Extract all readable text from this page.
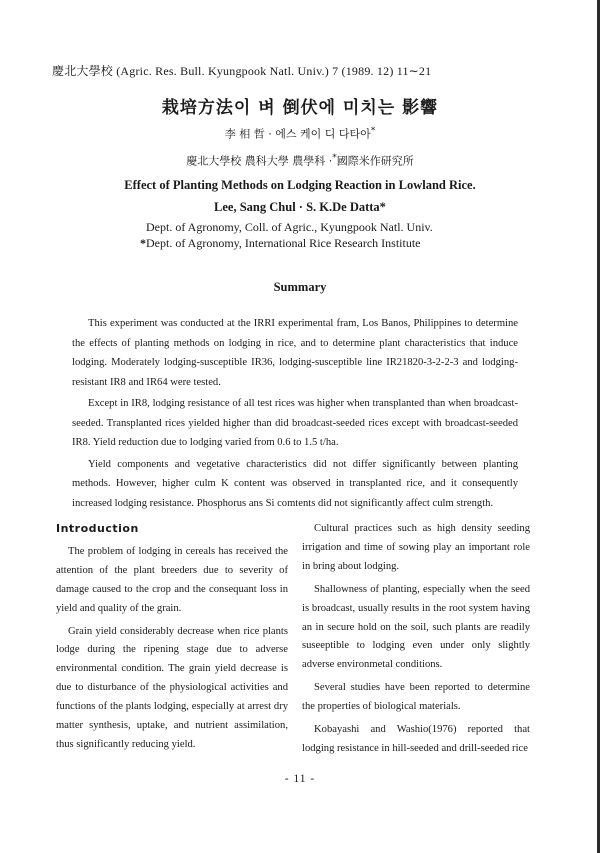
慶北大學校 (Agric. Res. Bull. Kyungpook Natl. Univ.) 7 (1989. 12) 11∼21
栽培方法이 벼 倒伏에 미치는 影響
李 相 哲 · 에스 케이 디 다타아*
慶北大學校 農科大學 農學科 ·*國際米作研究所
Effect of Planting Methods on Lodging Reaction in Lowland Rice.
Lee, Sang Chul · S. K.De Datta*
Dept. of Agronomy, Coll. of Agric., Kyungpook Natl. Univ.
*Dept. of Agronomy, International Rice Research Institute
Summary

This experiment was conducted at the IRRI experimental fram, Los Banos, Philippines to determine the effects of planting methods on lodging in rice, and to determine plant characteristics that induce lodging. Moderately lodging-susceptible IR36, lodging-susceptible line IR21820-3-2-2-3 and lodging-resistant IR8 and IR64 were tested.

Except in IR8, lodging resistance of all test rices was higher when transplanted than when broadcast-seeded. Transplanted rices yielded higher than did broadcast-seeded rices except with broadcast-seeded IR8. Yield reduction due to lodging varied from 0.6 to 1.5 t/ha.

Yield components and vegetative characteristics did not differ significantly between planting methods. However, higher culm K content was observed in transplanted rice, and it consequently increased lodging resistance. Phosphorus ans Si comtents did not significantly affect culm strength.

Introduction

The problem of lodging in cereals has received the attention of the plant breeders due to severity of damage caused to the crop and the consequant loss in yield and quality of the grain.

Grain yield considerably decrease when rice plants lodge during the ripening stage due to adverse environmental condition. The grain yield decrease is due to disturbance of the physiological activities and functions of the plants lodging, especially at arrest dry matter synthesis, uptake, and nutrient assimilation, thus significantly reducing yield.

Cultural practices such as high density seeding irrigation and time of sowing play an important role in bring about lodging.

Shallowness of planting, especially when the seed is broadcast, usually results in the root system having an in secure hold on the soil, such plants are readily suseeptible to lodging even under only slightly adverse environmetal conditions.

Several studies have been reported to determine the properties of biological materials.

Kobayashi and Washio(1976) reported that lodging resistance in hill-seeded and drill-seeded rice

- 11 -
